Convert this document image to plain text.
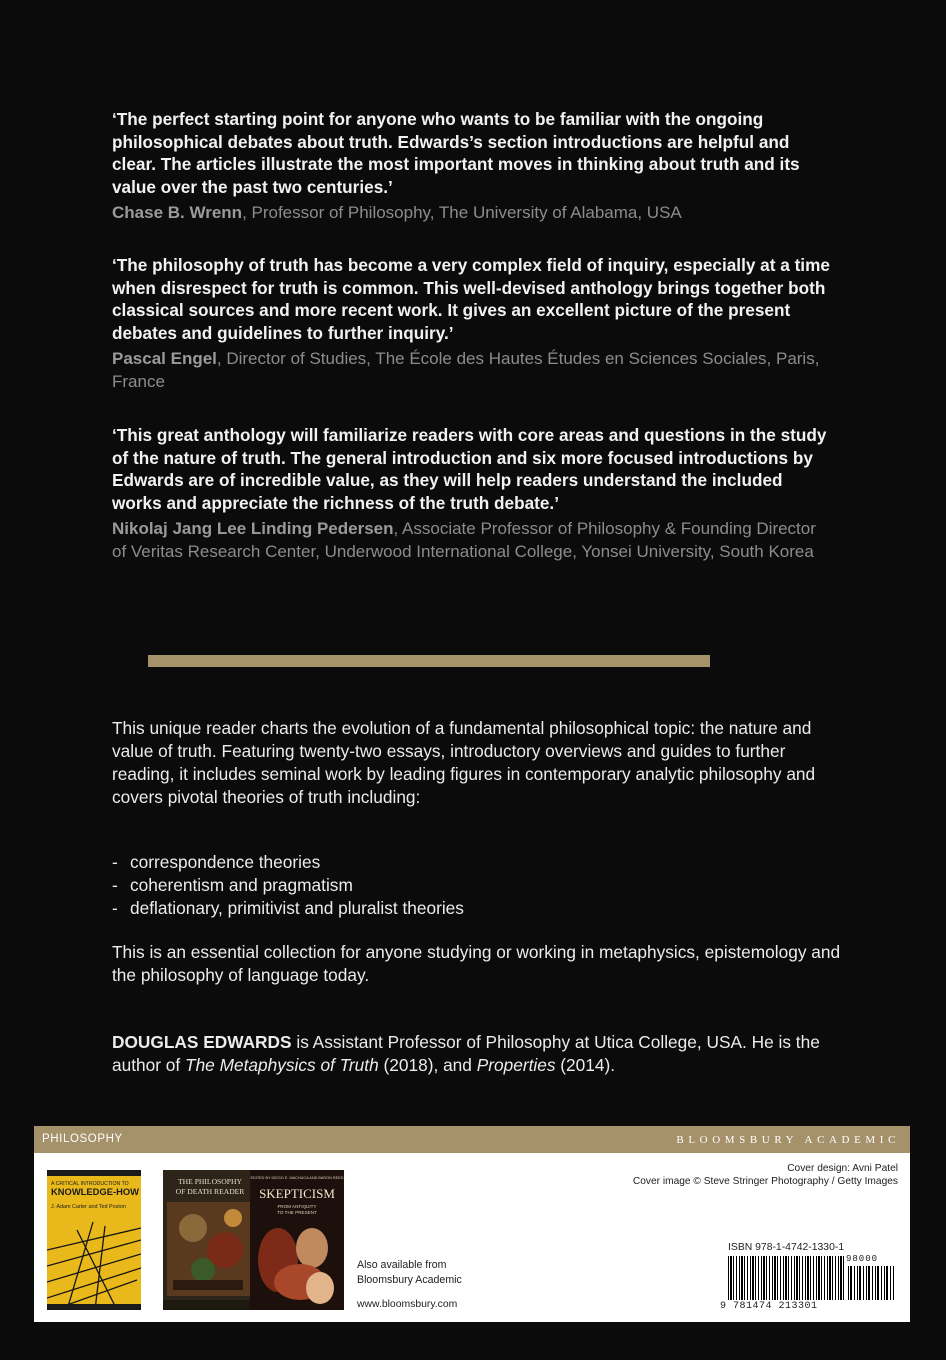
‘The perfect starting point for anyone who wants to be familiar with the ongoing philosophical debates about truth. Edwards’s section introductions are helpful and clear. The articles illustrate the most important moves in thinking about truth and its value over the past two centuries.’

Chase B. Wrenn, Professor of Philosophy, The University of Alabama, USA

‘The philosophy of truth has become a very complex field of inquiry, especially at a time when disrespect for truth is common. This well-devised anthology brings together both classical sources and more recent work. It gives an excellent picture of the present debates and guidelines to further inquiry.’

Pascal Engel, Director of Studies, The École des Hautes Études en Sciences Sociales, Paris, France

‘This great anthology will familiarize readers with core areas and questions in the study of the nature of truth. The general introduction and six more focused introductions by Edwards are of incredible value, as they will help readers understand the included works and appreciate the richness of the truth debate.’

Nikolaj Jang Lee Linding Pedersen, Associate Professor of Philosophy & Founding Director of Veritas Research Center, Underwood International College, Yonsei University, South Korea
This unique reader charts the evolution of a fundamental philosophical topic: the nature and value of truth. Featuring twenty-two essays, introductory overviews and guides to further reading, it includes seminal work by leading figures in contemporary analytic philosophy and covers pivotal theories of truth including:
- correspondence theories
- coherentism and pragmatism
- deflationary, primitivist and pluralist theories
This is an essential collection for anyone studying or working in metaphysics, epistemology and the philosophy of language today.
DOUGLAS EDWARDS is Assistant Professor of Philosophy at Utica College, USA. He is the author of The Metaphysics of Truth (2018), and Properties (2014).
PHILOSOPHY	BLOOMSBURY ACADEMIC
Cover design: Avni Patel
Cover image © Steve Stringer Photography / Getty Images
A CRITICAL INTRODUCTION TO
KNOWLEDGE-HOW
J. Adam Carter and Ted Poston
THE PHILOSOPHY
OF DEATH READER
EDITED BY DIEGO E. MACHUCA AND BARON REED
SKEPTICISM
FROM ANTIQUITY
TO THE PRESENT
Also available from
Bloomsbury Academic
www.bloomsbury.com
ISBN 978-1-4742-1330-1
9 781474 213301
98000
